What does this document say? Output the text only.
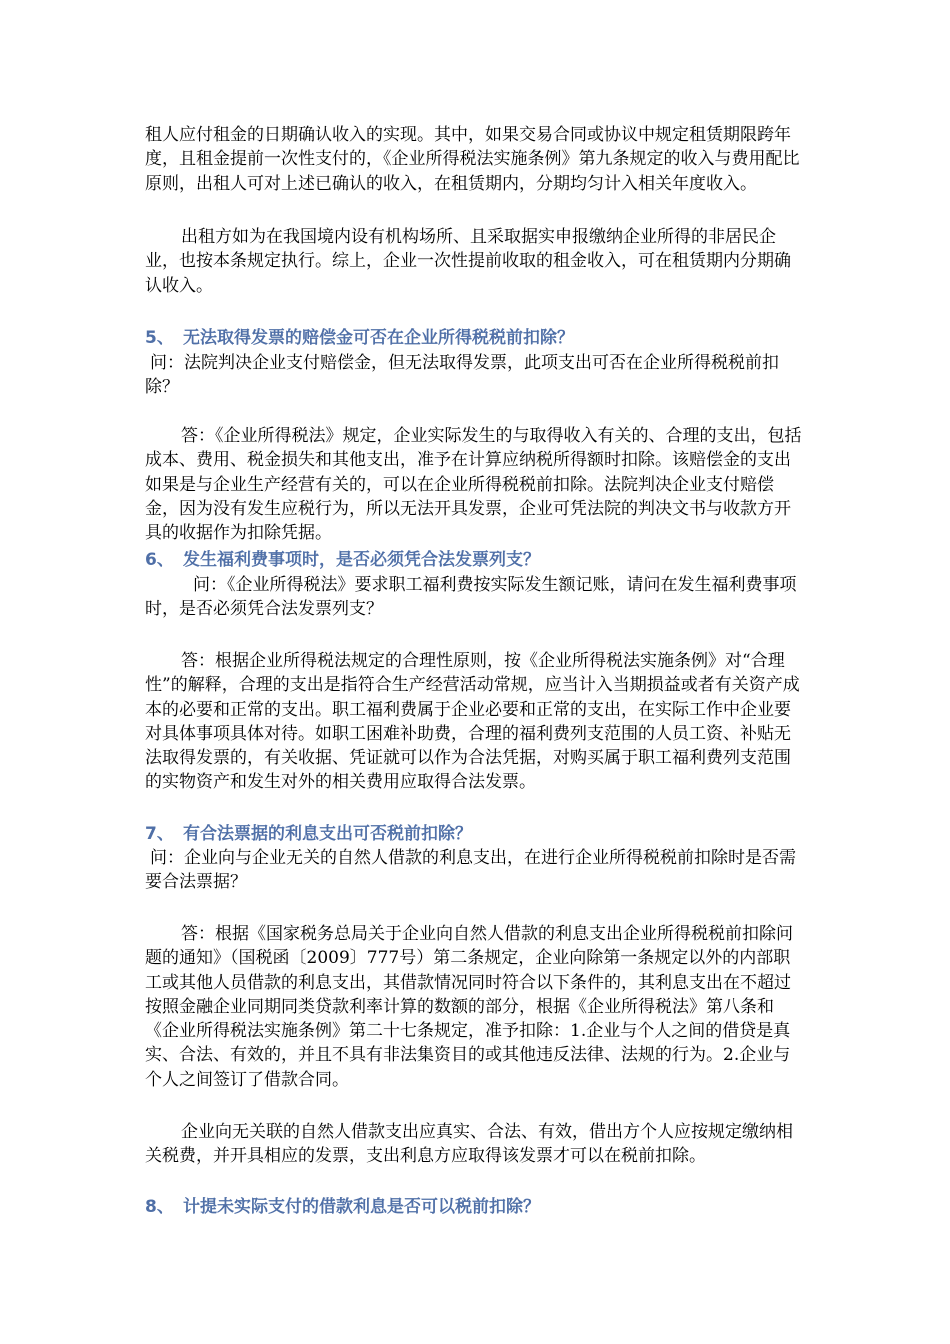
租人应付租金的日期确认收入的实现。其中，如果交易合同或协议中规定租赁期限跨年度，且租金提前一次性支付的，《企业所得税法实施条例》第九条规定的收入与费用配比原则，出租人可对上述已确认的收入，在租赁期内，分期均匀计入相关年度收入。

出租方如为在我国境内设有机构场所、且采取据实申报缴纳企业所得的非居民企业，也按本条规定执行。综上，企业一次性提前收取的租金收入，可在租赁期内分期确认收入。

5、 无法取得发票的赔偿金可否在企业所得税税前扣除？

问：法院判决企业支付赔偿金，但无法取得发票，此项支出可否在企业所得税税前扣除？

答：《企业所得税法》规定，企业实际发生的与取得收入有关的、合理的支出，包括成本、费用、税金损失和其他支出，准予在计算应纳税所得额时扣除。该赔偿金的支出如果是与企业生产经营有关的，可以在企业所得税税前扣除。法院判决企业支付赔偿金，因为没有发生应税行为，所以无法开具发票，企业可凭法院的判决文书与收款方开具的收据作为扣除凭据。

6、 发生福利费事项时，是否必须凭合法发票列支？

问：《企业所得税法》要求职工福利费按实际发生额记账，请问在发生福利费事项时，是否必须凭合法发票列支？

答：根据企业所得税法规定的合理性原则，按《企业所得税法实施条例》对“合理性”的解释，合理的支出是指符合生产经营活动常规，应当计入当期损益或者有关资产成本的必要和正常的支出。职工福利费属于企业必要和正常的支出，在实际工作中企业要对具体事项具体对待。如职工困难补助费，合理的福利费列支范围的人员工资、补贴无法取得发票的，有关收据、凭证就可以作为合法凭据，对购买属于职工福利费列支范围的实物资产和发生对外的相关费用应取得合法发票。

7、 有合法票据的利息支出可否税前扣除？

问：企业向与企业无关的自然人借款的利息支出，在进行企业所得税税前扣除时是否需要合法票据？

答：根据《国家税务总局关于企业向自然人借款的利息支出企业所得税税前扣除问题的通知》（国税函〔2009〕777号）第二条规定，企业向除第一条规定以外的内部职工或其他人员借款的利息支出，其借款情况同时符合以下条件的，其利息支出在不超过按照金融企业同期同类贷款利率计算的数额的部分，根据《企业所得税法》第八条和《企业所得税法实施条例》第二十七条规定，准予扣除：1.企业与个人之间的借贷是真实、合法、有效的，并且不具有非法集资目的或其他违反法律、法规的行为。2.企业与个人之间签订了借款合同。

企业向无关联的自然人借款支出应真实、合法、有效，借出方个人应按规定缴纳相关税费，并开具相应的发票，支出利息方应取得该发票才可以在税前扣除。

8、 计提未实际支付的借款利息是否可以税前扣除？
